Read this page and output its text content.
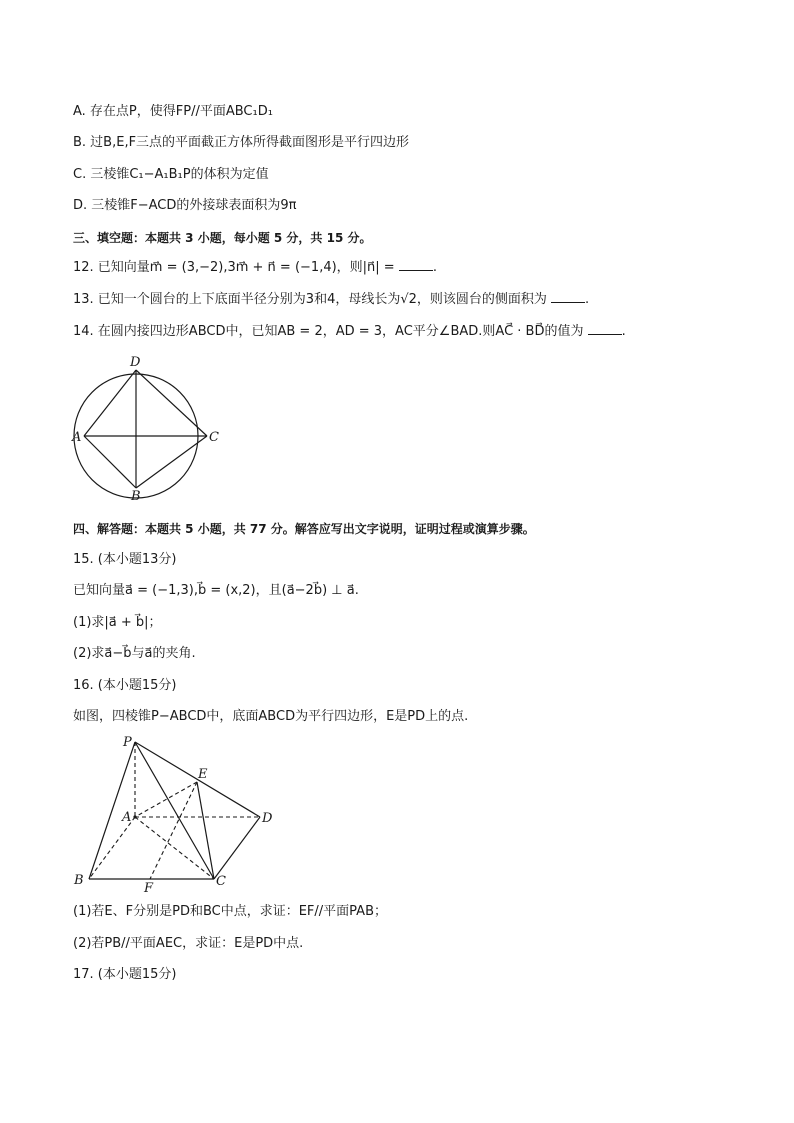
A. 存在点P，使得FP//平面ABC₁D₁
B. 过B,E,F三点的平面截正方体所得截面图形是平行四边形
C. 三棱锥C₁−A₁B₁P的体积为定值
D. 三棱锥F−ACD的外接球表面积为9π
三、填空题：本题共 3 小题，每小题 5 分，共 15 分。
12. 已知向量m⃗ = (3,−2),3m⃗ + n⃗ = (−1,4)，则|n⃗| =	.
13. 已知一个圆台的上下底面半径分别为3和4，母线长为√2，则该圆台的侧面积为	.
14. 在圆内接四边形ABCD中，已知AB = 2，AD = 3，AC平分∠BAD.则AC⃗ · BD⃗的值为	.
A
D
C
B
四、解答题：本题共 5 小题，共 77 分。解答应写出文字说明，证明过程或演算步骤。
15. (本小题13分)
已知向量a⃗ = (−1,3),b⃗ = (x,2)，且(a⃗−2b⃗) ⊥ a⃗.
(1)求|a⃗ + b⃗|；
(2)求a⃗−b⃗与a⃗的夹角.
16. (本小题15分)
如图，四棱锥P−ABCD中，底面ABCD为平行四边形，E是PD上的点.
P
E
A	D
B	C
F
(1)若E、F分别是PD和BC中点，求证：EF//平面PAB；
(2)若PB//平面AEC，求证：E是PD中点.
17. (本小题15分)
